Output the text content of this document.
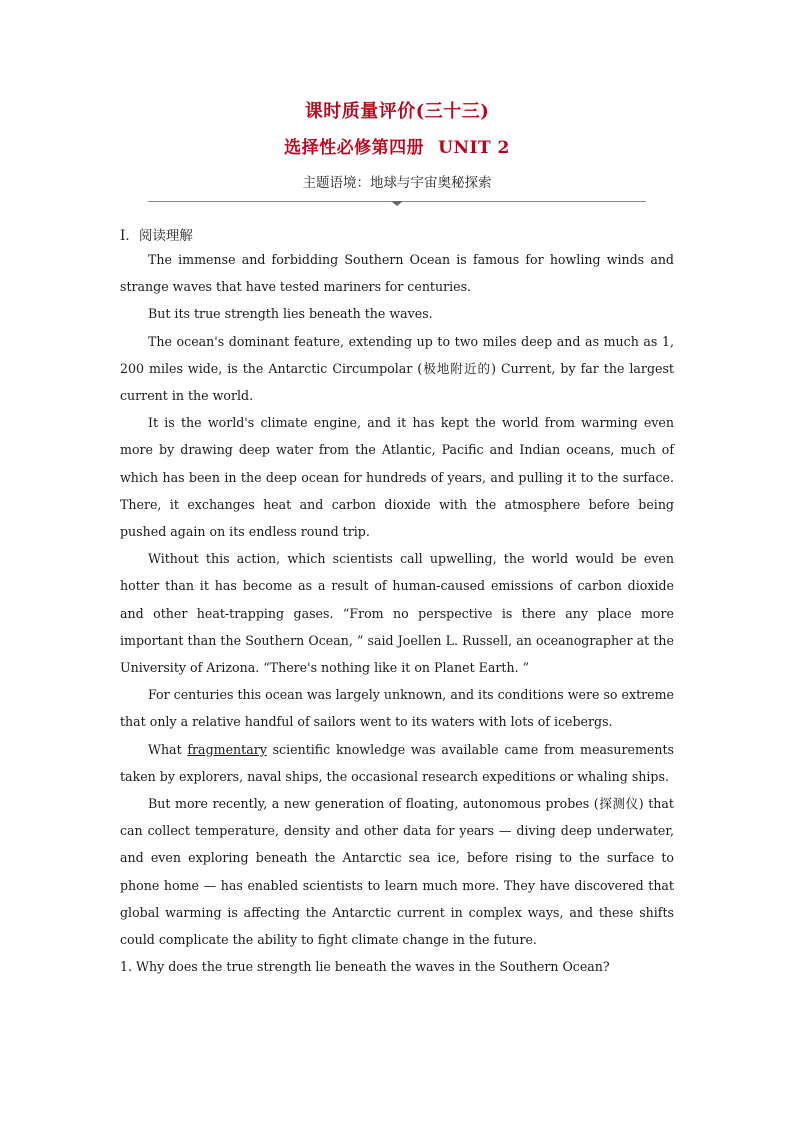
课时质量评价(三十三)
选择性必修第四册 UNIT 2
主题语境：地球与宇宙奥秘探索
Ⅰ．阅读理解

The immense and forbidding Southern Ocean is famous for howling winds and strange waves that have tested mariners for centuries.

But its true strength lies beneath the waves.

The ocean's dominant feature, extending up to two miles deep and as much as 1, 200 miles wide, is the Antarctic Circumpolar (极地附近的) Current, by far the largest current in the world.

It is the world's climate engine, and it has kept the world from warming even more by drawing deep water from the Atlantic, Pacific and Indian oceans, much of which has been in the deep ocean for hundreds of years, and pulling it to the surface. There, it exchanges heat and carbon dioxide with the atmosphere before being pushed again on its endless round trip.

Without this action, which scientists call upwelling, the world would be even hotter than it has become as a result of human-caused emissions of carbon dioxide and other heat-trapping gases. “From no perspective is there any place more important than the Southern Ocean, ” said Joellen L. Russell, an oceanographer at the University of Arizona. “There's nothing like it on Planet Earth. ”

For centuries this ocean was largely unknown, and its conditions were so extreme that only a relative handful of sailors went to its waters with lots of icebergs.

What fragmentary scientific knowledge was available came from measurements taken by explorers, naval ships, the occasional research expeditions or whaling ships.

But more recently, a new generation of floating, autonomous probes (探测仪) that can collect temperature, density and other data for years — diving deep underwater, and even exploring beneath the Antarctic sea ice, before rising to the surface to phone home — has enabled scientists to learn much more. They have discovered that global warming is affecting the Antarctic current in complex ways, and these shifts could complicate the ability to fight climate change in the future.

1. Why does the true strength lie beneath the waves in the Southern Ocean?
